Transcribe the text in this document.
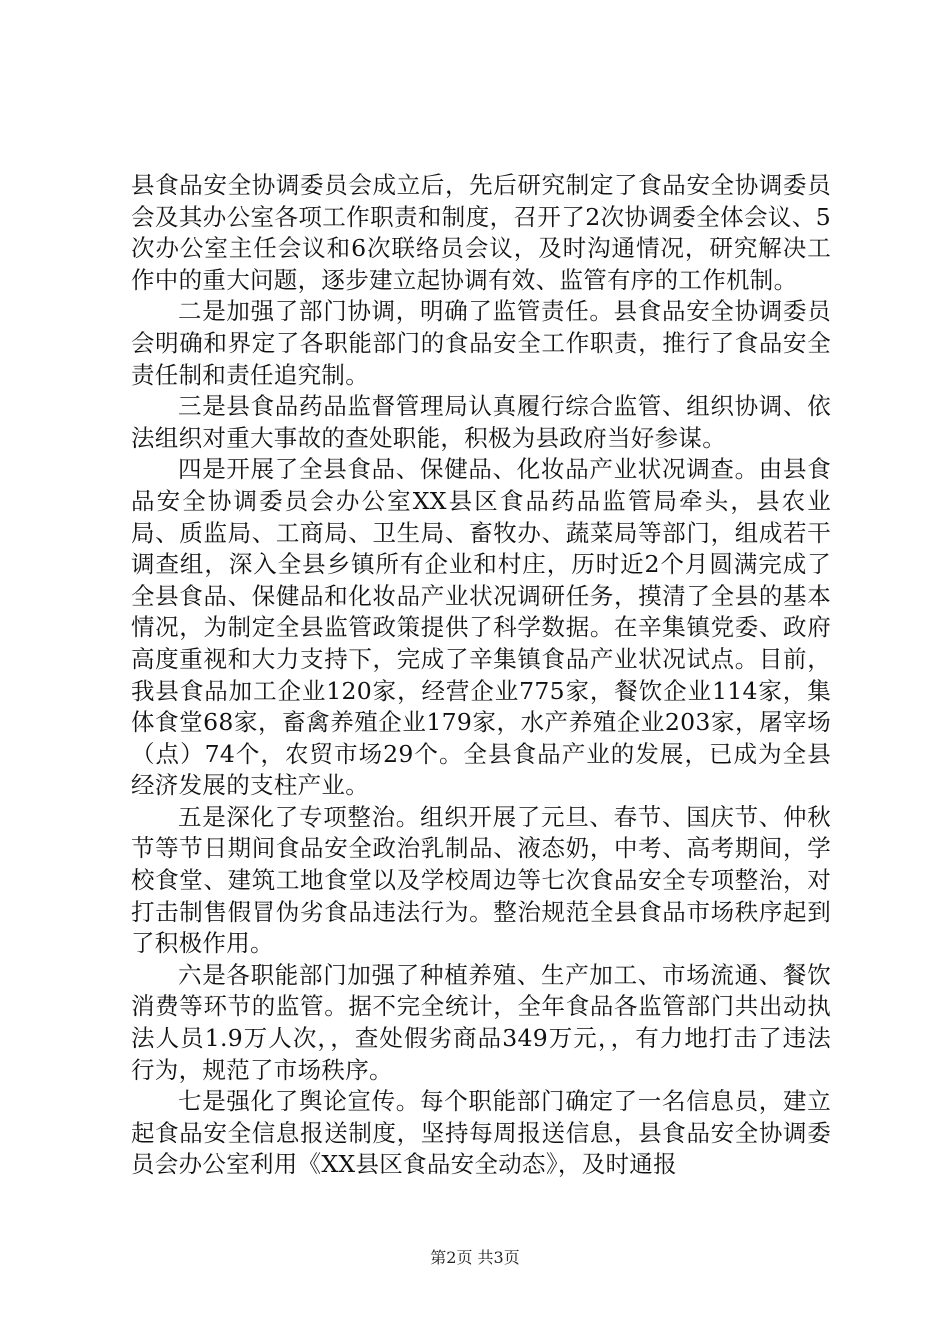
县食品安全协调委员会成立后，先后研究制定了食品安全协调委员会及其办公室各项工作职责和制度，召开了2次协调委全体会议、5次办公室主任会议和6次联络员会议，及时沟通情况，研究解决工作中的重大问题，逐步建立起协调有效、监管有序的工作机制。

二是加强了部门协调，明确了监管责任。县食品安全协调委员会明确和界定了各职能部门的食品安全工作职责，推行了食品安全责任制和责任追究制。

三是县食品药品监督管理局认真履行综合监管、组织协调、依法组织对重大事故的查处职能，积极为县政府当好参谋。

四是开展了全县食品、保健品、化妆品产业状况调查。由县食品安全协调委员会办公室XX县区食品药品监管局牵头，县农业局、质监局、工商局、卫生局、畜牧办、蔬菜局等部门，组成若干调查组，深入全县乡镇所有企业和村庄，历时近2个月圆满完成了全县食品、保健品和化妆品产业状况调研任务，摸清了全县的基本情况，为制定全县监管政策提供了科学数据。在辛集镇党委、政府高度重视和大力支持下，完成了辛集镇食品产业状况试点。目前，我县食品加工企业120家，经营企业775家，餐饮企业114家，集体食堂68家，畜禽养殖企业179家，水产养殖企业203家，屠宰场（点）74个，农贸市场29个。全县食品产业的发展，已成为全县经济发展的支柱产业。

五是深化了专项整治。组织开展了元旦、春节、国庆节、仲秋节等节日期间食品安全政治乳制品、液态奶，中考、高考期间，学校食堂、建筑工地食堂以及学校周边等七次食品安全专项整治，对打击制售假冒伪劣食品违法行为。整治规范全县食品市场秩序起到了积极作用。

六是各职能部门加强了种植养殖、生产加工、市场流通、餐饮消费等环节的监管。据不完全统计，全年食品各监管部门共出动执法人员1.9万人次，，查处假劣商品349万元，，有力地打击了违法行为，规范了市场秩序。

七是强化了舆论宣传。每个职能部门确定了一名信息员，建立起食品安全信息报送制度，坚持每周报送信息，县食品安全协调委员会办公室利用《XX县区食品安全动态》，及时通报

第2页 共3页
